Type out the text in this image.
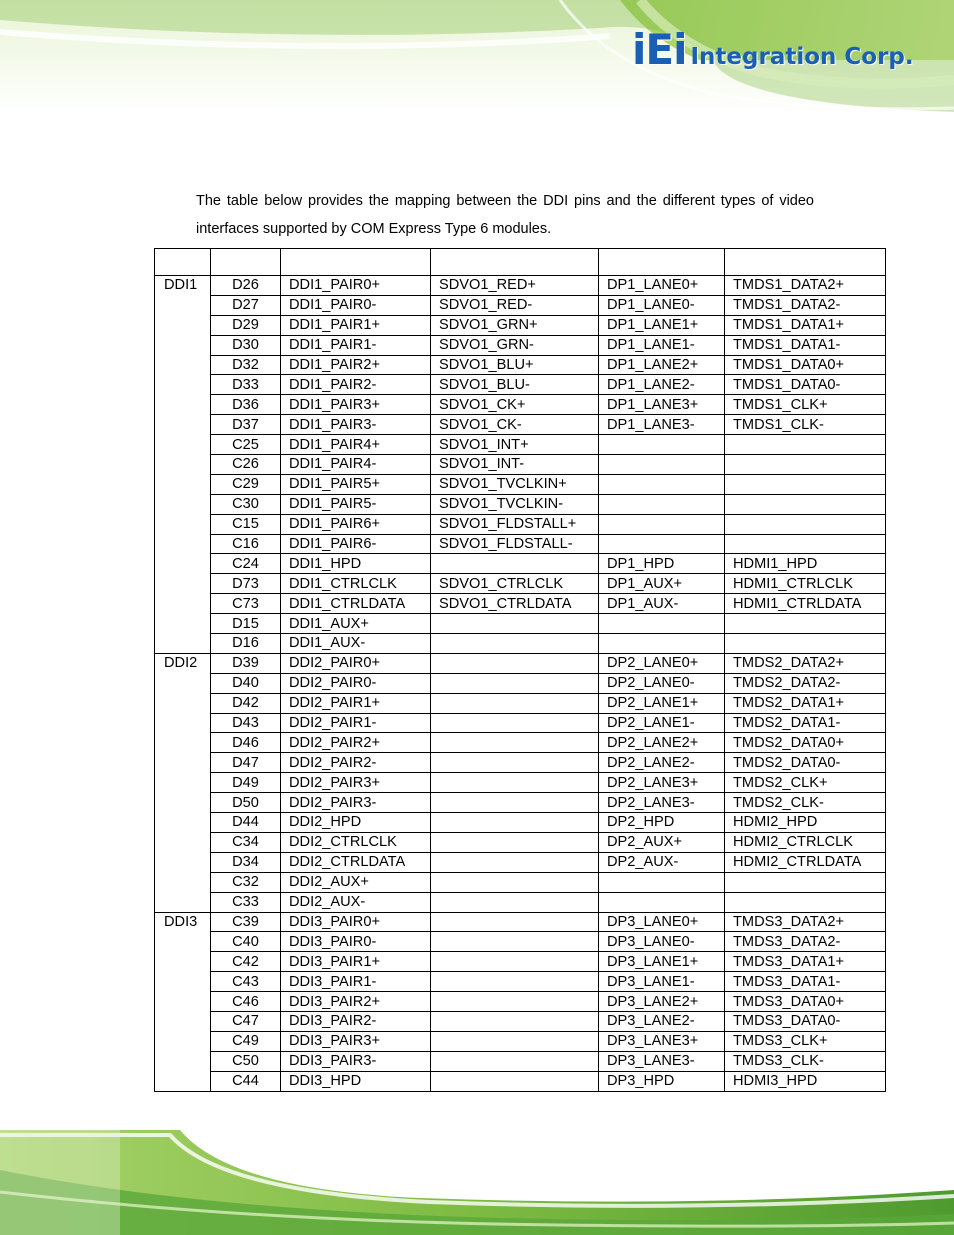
iEi Integration Corp.

The table below provides the mapping between the DDI pins and the different types of video interfaces supported by COM Express Type 6 modules.

DDI1	D26	DDI1_PAIR0+	SDVO1_RED+	DP1_LANE0+	TMDS1_DATA2+
	D27	DDI1_PAIR0-	SDVO1_RED-	DP1_LANE0-	TMDS1_DATA2-
	D29	DDI1_PAIR1+	SDVO1_GRN+	DP1_LANE1+	TMDS1_DATA1+
	D30	DDI1_PAIR1-	SDVO1_GRN-	DP1_LANE1-	TMDS1_DATA1-
	D32	DDI1_PAIR2+	SDVO1_BLU+	DP1_LANE2+	TMDS1_DATA0+
	D33	DDI1_PAIR2-	SDVO1_BLU-	DP1_LANE2-	TMDS1_DATA0-
	D36	DDI1_PAIR3+	SDVO1_CK+	DP1_LANE3+	TMDS1_CLK+
	D37	DDI1_PAIR3-	SDVO1_CK-	DP1_LANE3-	TMDS1_CLK-
	C25	DDI1_PAIR4+	SDVO1_INT+		
	C26	DDI1_PAIR4-	SDVO1_INT-		
	C29	DDI1_PAIR5+	SDVO1_TVCLKIN+		
	C30	DDI1_PAIR5-	SDVO1_TVCLKIN-		
	C15	DDI1_PAIR6+	SDVO1_FLDSTALL+		
	C16	DDI1_PAIR6-	SDVO1_FLDSTALL-		
	C24	DDI1_HPD		DP1_HPD	HDMI1_HPD
	D73	DDI1_CTRLCLK	SDVO1_CTRLCLK	DP1_AUX+	HDMI1_CTRLCLK
	C73	DDI1_CTRLDATA	SDVO1_CTRLDATA	DP1_AUX-	HDMI1_CTRLDATA
	D15	DDI1_AUX+			
	D16	DDI1_AUX-			
DDI2	D39	DDI2_PAIR0+		DP2_LANE0+	TMDS2_DATA2+
	D40	DDI2_PAIR0-		DP2_LANE0-	TMDS2_DATA2-
	D42	DDI2_PAIR1+		DP2_LANE1+	TMDS2_DATA1+
	D43	DDI2_PAIR1-		DP2_LANE1-	TMDS2_DATA1-
	D46	DDI2_PAIR2+		DP2_LANE2+	TMDS2_DATA0+
	D47	DDI2_PAIR2-		DP2_LANE2-	TMDS2_DATA0-
	D49	DDI2_PAIR3+		DP2_LANE3+	TMDS2_CLK+
	D50	DDI2_PAIR3-		DP2_LANE3-	TMDS2_CLK-
	D44	DDI2_HPD		DP2_HPD	HDMI2_HPD
	C34	DDI2_CTRLCLK		DP2_AUX+	HDMI2_CTRLCLK
	D34	DDI2_CTRLDATA		DP2_AUX-	HDMI2_CTRLDATA
	C32	DDI2_AUX+			
	C33	DDI2_AUX-			
DDI3	C39	DDI3_PAIR0+		DP3_LANE0+	TMDS3_DATA2+
	C40	DDI3_PAIR0-		DP3_LANE0-	TMDS3_DATA2-
	C42	DDI3_PAIR1+		DP3_LANE1+	TMDS3_DATA1+
	C43	DDI3_PAIR1-		DP3_LANE1-	TMDS3_DATA1-
	C46	DDI3_PAIR2+		DP3_LANE2+	TMDS3_DATA0+
	C47	DDI3_PAIR2-		DP3_LANE2-	TMDS3_DATA0-
	C49	DDI3_PAIR3+		DP3_LANE3+	TMDS3_CLK+
	C50	DDI3_PAIR3-		DP3_LANE3-	TMDS3_CLK-
	C44	DDI3_HPD		DP3_HPD	HDMI3_HPD
